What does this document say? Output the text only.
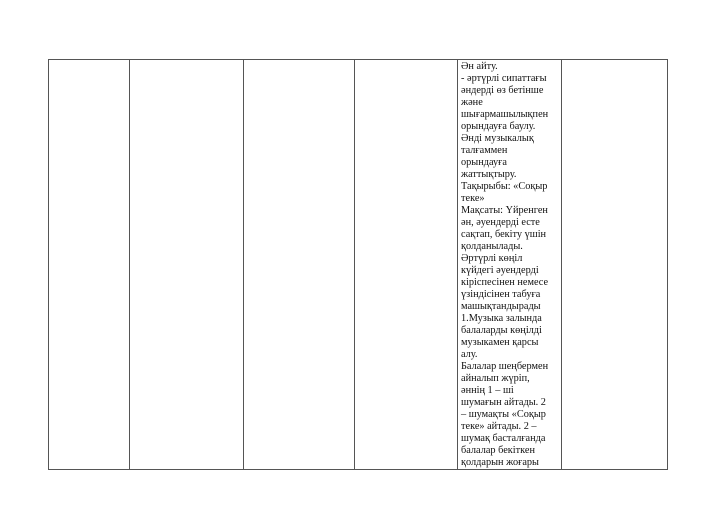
Ән айту.
- әртүрлі сипаттағы
әндерді өз бетінше
және
шығармашылықпен
орындауға баулу.
Әнді музыкалық
талғаммен
орындауға
жаттықтыру.
Тақырыбы: «Соқыр
теке»
Мақсаты: Үйренген
ән, әуендерді есте
сақтап, бекіту үшін
қолданылады.
Әртүрлі көңіл
күйдегі әуендерді
кіріспесінен немесе
үзіндісінен табуға
машықтандырады
1.Музыка залында
балаларды көңілді
музыкамен қарсы
алу.
Балалар шеңбермен
айналып жүріп,
әннің 1 – ші
шумағын айтады. 2
– шумақты «Соқыр
теке» айтады. 2 –
шумақ басталғанда
балалар бекіткен
қолдарын жоғары
